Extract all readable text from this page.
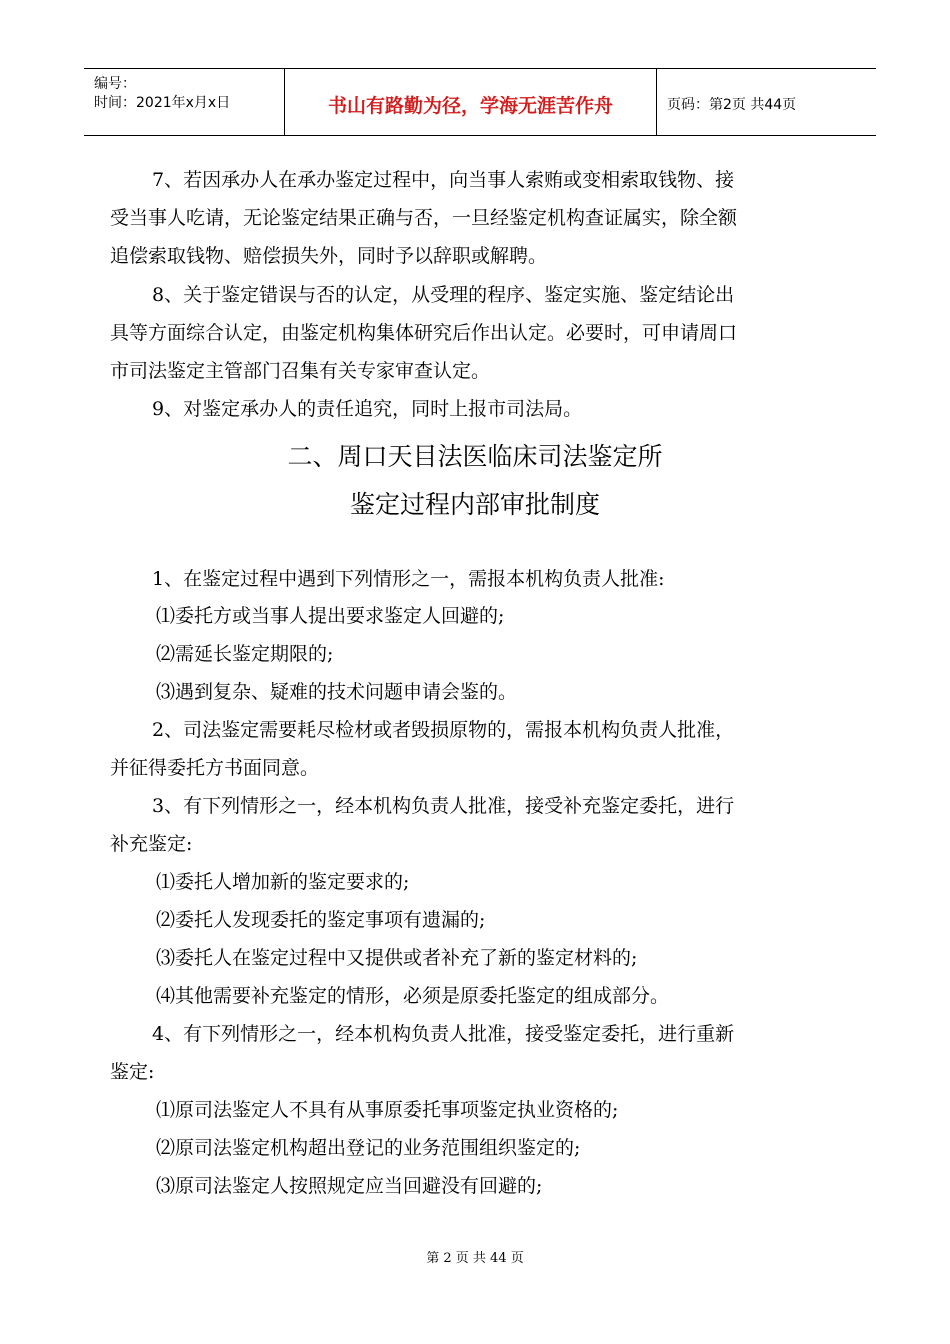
编号：
时间：2021年x月x日	书山有路勤为径，学海无涯苦作舟	页码：第2页 共44页
7、若因承办人在承办鉴定过程中，向当事人索贿或变相索取钱物、接
受当事人吃请，无论鉴定结果正确与否，一旦经鉴定机构查证属实，除全额
追偿索取钱物、赔偿损失外，同时予以辞职或解聘。
8、关于鉴定错误与否的认定，从受理的程序、鉴定实施、鉴定结论出
具等方面综合认定，由鉴定机构集体研究后作出认定。必要时，可申请周口
市司法鉴定主管部门召集有关专家审查认定。
9、对鉴定承办人的责任追究，同时上报市司法局。
1、在鉴定过程中遇到下列情形之一，需报本机构负责人批准:
⑴委托方或当事人提出要求鉴定人回避的;
⑵需延长鉴定期限的;
⑶遇到复杂、疑难的技术问题申请会鉴的。
2、司法鉴定需要耗尽检材或者毁损原物的，需报本机构负责人批准，
并征得委托方书面同意。
3、有下列情形之一，经本机构负责人批准，接受补充鉴定委托，进行
补充鉴定:
⑴委托人增加新的鉴定要求的;
⑵委托人发现委托的鉴定事项有遗漏的;
⑶委托人在鉴定过程中又提供或者补充了新的鉴定材料的;
⑷其他需要补充鉴定的情形，必须是原委托鉴定的组成部分。
4、有下列情形之一，经本机构负责人批准，接受鉴定委托，进行重新
鉴定:
⑴原司法鉴定人不具有从事原委托事项鉴定执业资格的;
⑵原司法鉴定机构超出登记的业务范围组织鉴定的;
⑶原司法鉴定人按照规定应当回避没有回避的;
二、周口天目法医临床司法鉴定所
鉴定过程内部审批制度
第 2 页 共 44 页
